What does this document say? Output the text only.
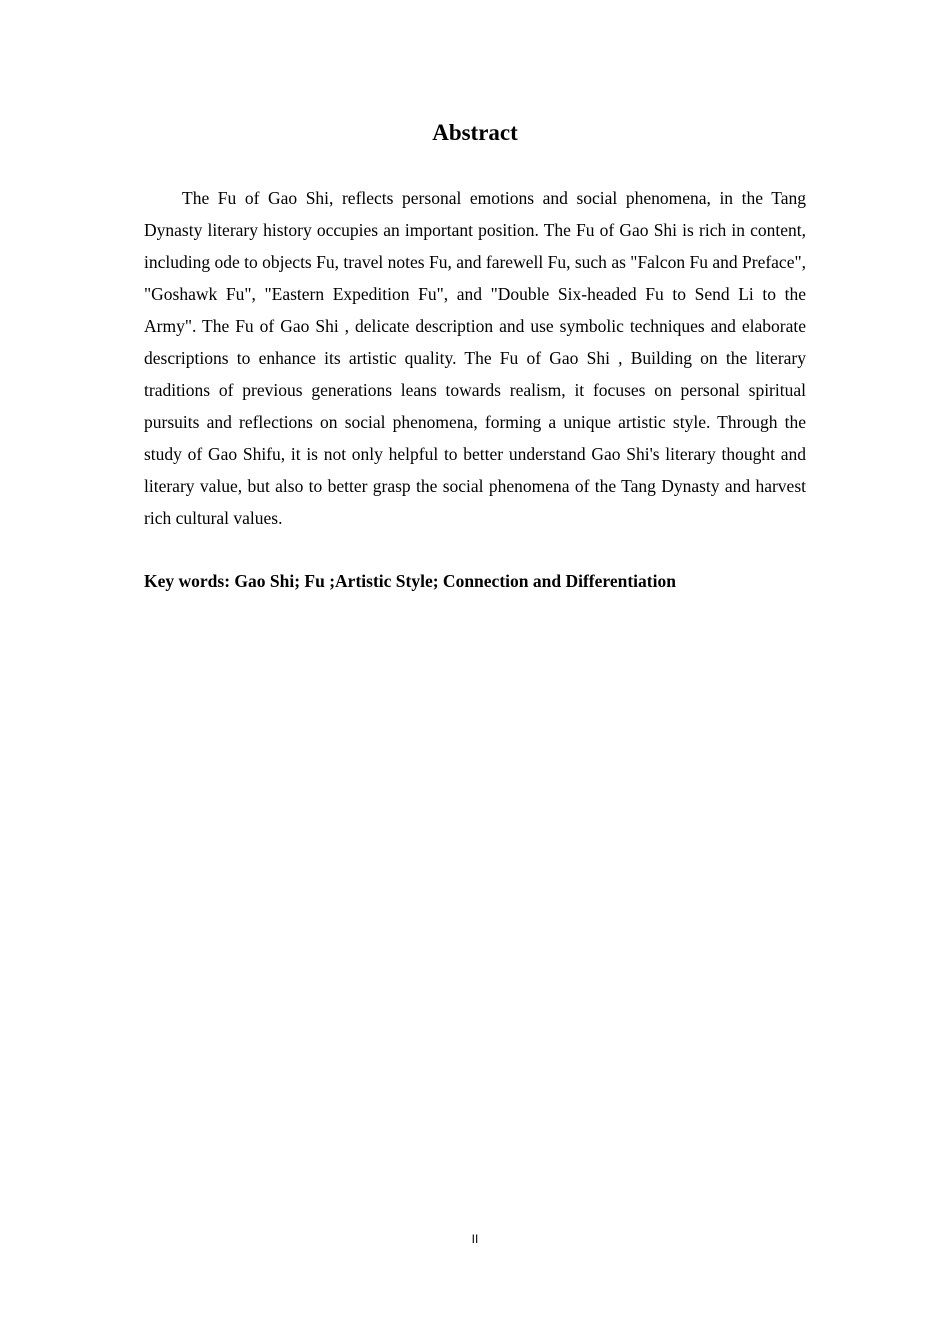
Abstract

The Fu of Gao Shi, reflects personal emotions and social phenomena, in the Tang Dynasty literary history occupies an important position. The Fu of Gao Shi is rich in content, including ode to objects Fu, travel notes Fu, and farewell Fu, such as "Falcon Fu and Preface", "Goshawk Fu", "Eastern Expedition Fu", and "Double Six-headed Fu to Send Li to the Army". The Fu of Gao Shi , delicate description and use symbolic techniques and elaborate descriptions to enhance its artistic quality. The Fu of Gao Shi , Building on the literary traditions of previous generations leans towards realism, it focuses on personal spiritual pursuits and reflections on social phenomena, forming a unique artistic style. Through the study of Gao Shifu, it is not only helpful to better understand Gao Shi's literary thought and literary value, but also to better grasp the social phenomena of the Tang Dynasty and harvest rich cultural values.

Key words: Gao Shi; Fu ;Artistic Style; Connection and Differentiation

II
